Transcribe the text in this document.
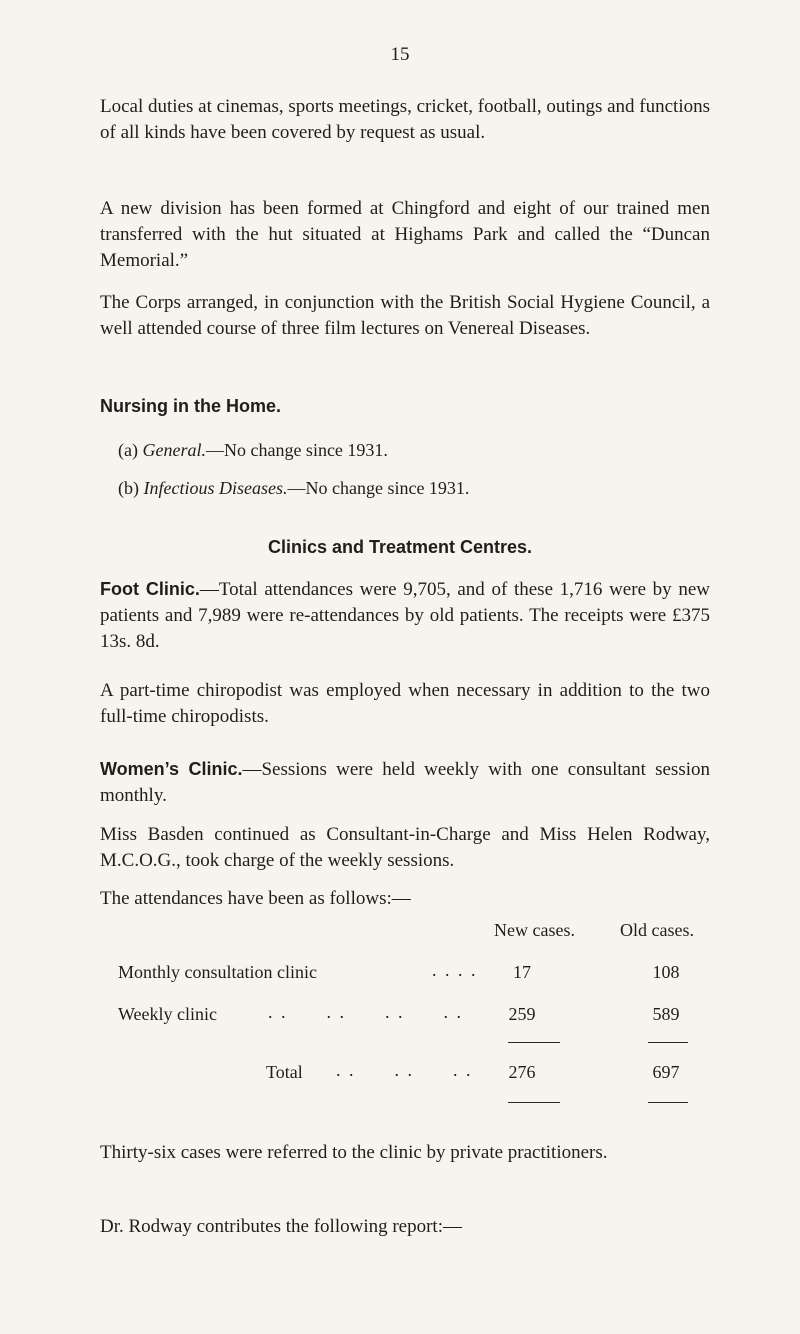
15

Local duties at cinemas, sports meetings, cricket, football, outings and functions of all kinds have been covered by request as usual.

A new division has been formed at Chingford and eight of our trained men transferred with the hut situated at Highams Park and called the “Duncan Memorial.”

The Corps arranged, in conjunction with the British Social Hygiene Council, a well attended course of three film lectures on Venereal Diseases.

Nursing in the Home.

(a) General.—No change since 1931.

(b) Infectious Diseases.—No change since 1931.

Clinics and Treatment Centres.

Foot Clinic.—Total attendances were 9,705, and of these 1,716 were by new patients and 7,989 were re-attendances by old patients. The receipts were £375 13s. 8d.

A part-time chiropodist was employed when necessary in addition to the two full-time chiropodists.

Women’s Clinic.—Sessions were held weekly with one consultant session monthly.

Miss Basden continued as Consultant-in-Charge and Miss Helen Rodway, M.C.O.G., took charge of the weekly sessions.

The attendances have been as follows:—

New cases.	Old cases.
Monthly consultation clinic	. . . .	17	108
Weekly clinic	. .      . .      . .      . .	259	589
Total . .      . .      . .	276	697

Thirty-six cases were referred to the clinic by private practitioners.

Dr. Rodway contributes the following report:—
